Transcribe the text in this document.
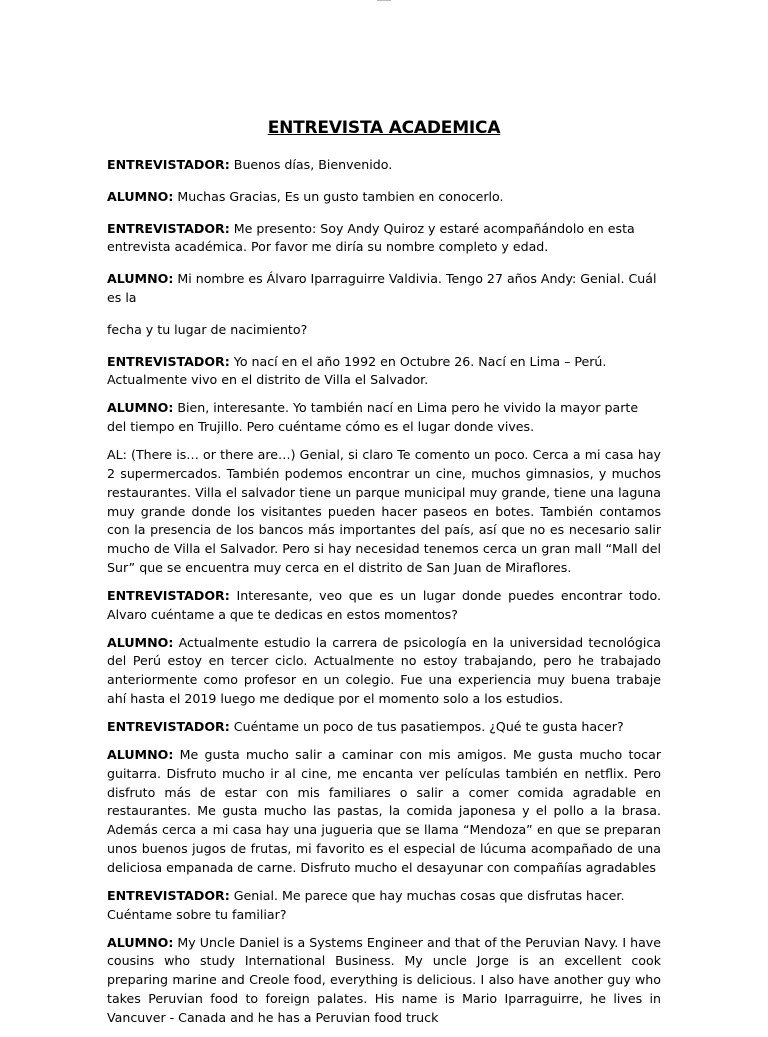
ENTREVISTA ACADEMICA

ENTREVISTADOR: Buenos días, Bienvenido.

ALUMNO: Muchas Gracias, Es un gusto tambien en conocerlo.

ENTREVISTADOR: Me presento: Soy Andy Quiroz y estaré acompañándolo en esta entrevista académica. Por favor me diría su nombre completo y edad.

ALUMNO: Mi nombre es Álvaro Iparraguirre Valdivia. Tengo 27 años Andy: Genial. Cuál es la

fecha y tu lugar de nacimiento?

ENTREVISTADOR: Yo nací en el año 1992 en Octubre 26. Nací en Lima – Perú. Actualmente vivo en el distrito de Villa el Salvador.

ALUMNO: Bien, interesante. Yo también nací en Lima pero he vivido la mayor parte del tiempo en Trujillo. Pero cuéntame cómo es el lugar donde vives.

AL: (There is… or there are…) Genial, si claro Te comento un poco. Cerca a mi casa hay 2 supermercados. También podemos encontrar un cine, muchos gimnasios, y muchos restaurantes. Villa el salvador tiene un parque municipal muy grande, tiene una laguna muy grande donde los visitantes pueden hacer paseos en botes. También contamos con la presencia de los bancos más importantes del país, así que no es necesario salir mucho de Villa el Salvador. Pero si hay necesidad tenemos cerca un gran mall “Mall del Sur” que se encuentra muy cerca en el distrito de San Juan de Miraflores.

ENTREVISTADOR: Interesante, veo que es un lugar donde puedes encontrar todo. Alvaro cuéntame a que te dedicas en estos momentos?

ALUMNO: Actualmente estudio la carrera de psicología en la universidad tecnológica del Perú estoy en tercer ciclo. Actualmente no estoy trabajando, pero he trabajado anteriormente como profesor en un colegio. Fue una experiencia muy buena trabaje ahí hasta el 2019 luego me dedique por el momento solo a los estudios.

ENTREVISTADOR: Cuéntame un poco de tus pasatiempos. ¿Qué te gusta hacer?

ALUMNO: Me gusta mucho salir a caminar con mis amigos. Me gusta mucho tocar guitarra. Disfruto mucho ir al cine, me encanta ver películas también en netflix. Pero disfruto más de estar con mis familiares o salir a comer comida agradable en restaurantes. Me gusta mucho las pastas, la comida japonesa y el pollo a la brasa. Además cerca a mi casa hay una jugueria que se llama “Mendoza” en que se preparan unos buenos jugos de frutas, mi favorito es el especial de lúcuma acompañado de una deliciosa empanada de carne. Disfruto mucho el desayunar con compañías agradables

ENTREVISTADOR: Genial. Me parece que hay muchas cosas que disfrutas hacer. Cuéntame sobre tu familiar?

ALUMNO: My Uncle Daniel is a Systems Engineer and that of the Peruvian Navy. I have cousins who study International Business. My uncle Jorge is an excellent cook preparing marine and Creole food, everything is delicious. I also have another guy who takes Peruvian food to foreign palates. His name is Mario Iparraguirre, he lives in Vancuver - Canada and he has a Peruvian food truck
